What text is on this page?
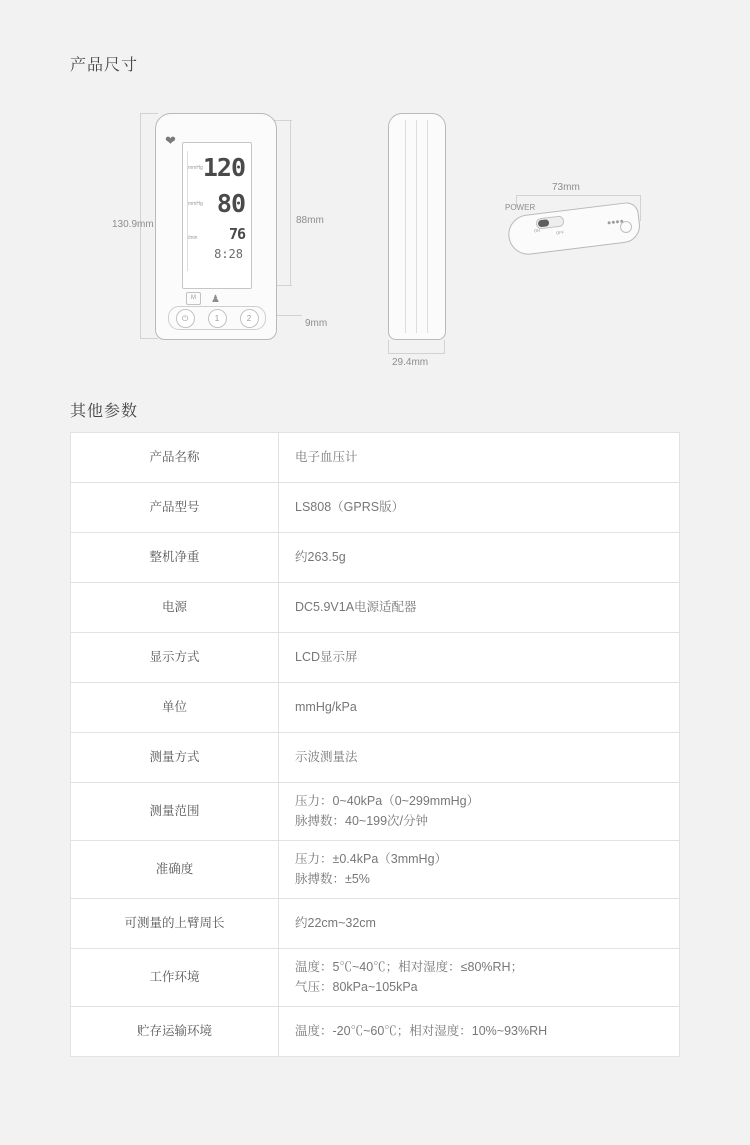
产品尺寸
130.9mm	88mm
9mm
❤
mmHg
mmHg
/min
120
80
76
8:28
M	♟
⏻	1	2
29.4mm
73mm
POWER
ON	OFF
●●●●
其他参数
产品名称	电子血压计

产品型号	LS808（GPRS版）

整机净重	约263.5g

电源	DC5.9V1A电源适配器

显示方式	LCD显示屏

单位	mmHg/kPa

测量方式	示波测量法

测量范围	压力：0~40kPa（0~299mmHg）
脉搏数：40~199次/分钟

准确度	压力：±0.4kPa（3mmHg）
脉搏数：±5%

可测量的上臂周长	约22cm~32cm

工作环境	温度：5℃~40℃；相对湿度：≤80%RH；
气压：80kPa~105kPa

贮存运输环境	温度：-20℃~60℃；相对湿度：10%~93%RH
